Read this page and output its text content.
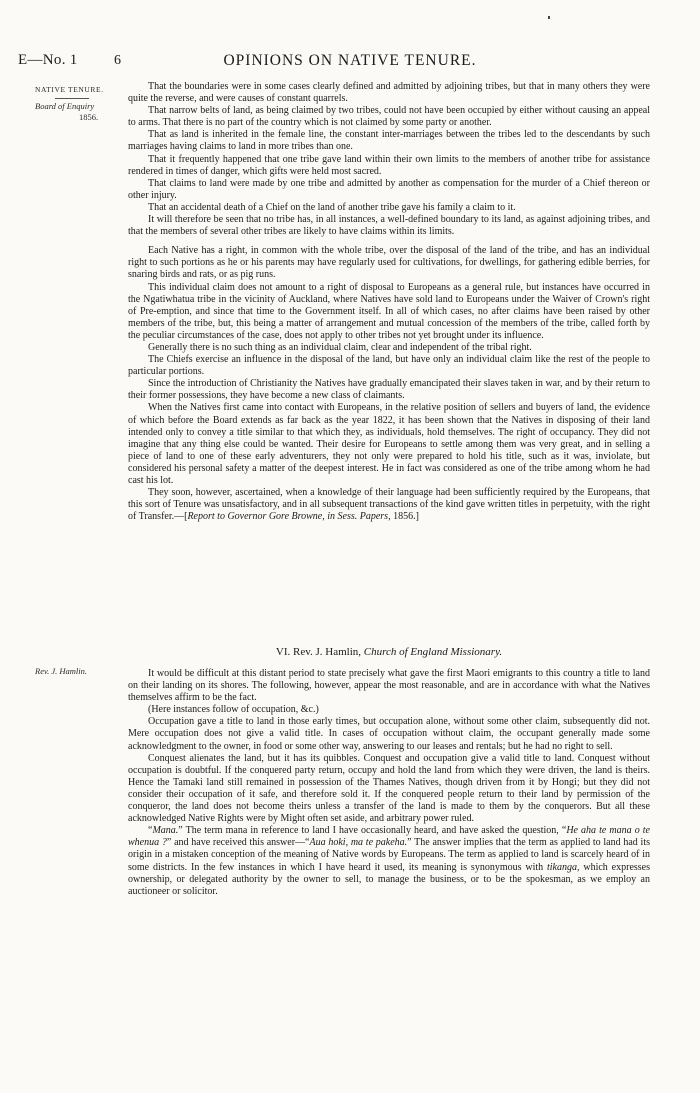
E—No. 1	6	OPINIONS ON NATIVE TENURE.
NATIVE TENURE.
Board of Enquiry
1856.

That the boundaries were in some cases clearly defined and admitted by adjoining tribes, but that in many others they were quite the reverse, and were causes of constant quarrels.

That narrow belts of land, as being claimed by two tribes, could not have been occupied by either without causing an appeal to arms. That there is no part of the country which is not claimed by some party or another.

That as land is inherited in the female line, the constant inter-marriages between the tribes led to the descendants by such marriages having claims to land in more tribes than one.

That it frequently happened that one tribe gave land within their own limits to the members of another tribe for assistance rendered in times of danger, which gifts were held most sacred.

That claims to land were made by one tribe and admitted by another as compensation for the murder of a Chief thereon or other injury.

That an accidental death of a Chief on the land of another tribe gave his family a claim to it.

It will therefore be seen that no tribe has, in all instances, a well-defined boundary to its land, as against adjoining tribes, and that the members of several other tribes are likely to have claims within its limits.

Each Native has a right, in common with the whole tribe, over the disposal of the land of the tribe, and has an individual right to such portions as he or his parents may have regularly used for cultivations, for dwellings, for gathering edible berries, for snaring birds and rats, or as pig runs.

This individual claim does not amount to a right of disposal to Europeans as a general rule, but instances have occurred in the Ngatiwhatua tribe in the vicinity of Auckland, where Natives have sold land to Europeans under the Waiver of Crown's right of Pre-emption, and since that time to the Government itself. In all of which cases, no after claims have been raised by other members of the tribe, but, this being a matter of arrangement and mutual concession of the members of the tribe, called forth by the peculiar circumstances of the case, does not apply to other tribes not yet brought under its influence.

Generally there is no such thing as an individual claim, clear and independent of the tribal right.

The Chiefs exercise an influence in the disposal of the land, but have only an individual claim like the rest of the people to particular portions.

Since the introduction of Christianity the Natives have gradually emancipated their slaves taken in war, and by their return to their former possessions, they have become a new class of claimants.

When the Natives first came into contact with Europeans, in the relative position of sellers and buyers of land, the evidence of which before the Board extends as far back as the year 1822, it has been shown that the Natives in disposing of their land intended only to convey a title similar to that which they, as individuals, hold themselves. The right of occupancy. They did not imagine that any thing else could be wanted. Their desire for Europeans to settle among them was very great, and in selling a piece of land to one of these early adventurers, they not only were prepared to hold his title, such as it was, inviolate, but considered his personal safety a matter of the deepest interest. He in fact was considered as one of the tribe among whom he had cast his lot.

They soon, however, ascertained, when a knowledge of their language had been sufficiently required by the Europeans, that this sort of Tenure was unsatisfactory, and in all subsequent transactions of the kind gave written titles in perpetuity, with the right of Transfer.—[Report to Governor Gore Browne, in Sess. Papers, 1856.]

VI. Rev. J. Hamlin, Church of England Missionary.
Rev. J. Hamlin.	It would be difficult at this distant period to state precisely what gave the first Maori emigrants to this country a title to land on their landing on its shores. The following, however, appear the most reasonable, and are in accordance with what the Natives themselves affirm to be the fact.

(Here instances follow of occupation, &c.)

Occupation gave a title to land in those early times, but occupation alone, without some other claim, subsequently did not. Mere occupation does not give a valid title. In cases of occupation without claim, the occupant generally made some acknowledgment to the owner, in food or some other way, answering to our leases and rentals; but he had no right to sell.

Conquest alienates the land, but it has its quibbles. Conquest and occupation give a valid title to land. Conquest without occupation is doubtful. If the conquered party return, occupy and hold the land from which they were driven, the land is theirs. Hence the Tamaki land still remained in possession of the Thames Natives, though driven from it by Hongi; but they did not consider their occupation of it safe, and therefore sold it. If the conquered people return to their land by permission of the conqueror, the land does not become theirs unless a transfer of the land is made to them by the conquerors. But all these acknowledged Native Rights were by Might often set aside, and arbitrary power ruled.

“Mana.” The term mana in reference to land I have occasionally heard, and have asked the question, “He aha te mana o te whenua ?” and have received this answer—“Aua hoki, ma te pakeha.” The answer implies that the term as applied to land had its origin in a mistaken conception of the meaning of Native words by Europeans. The term as applied to land is scarcely heard of in some districts. In the few instances in which I have heard it used, its meaning is synonymous with tikanga, which expresses ownership, or delegated authority by the owner to sell, to manage the business, or to be the spokesman, as we employ an auctioneer or solicitor.
